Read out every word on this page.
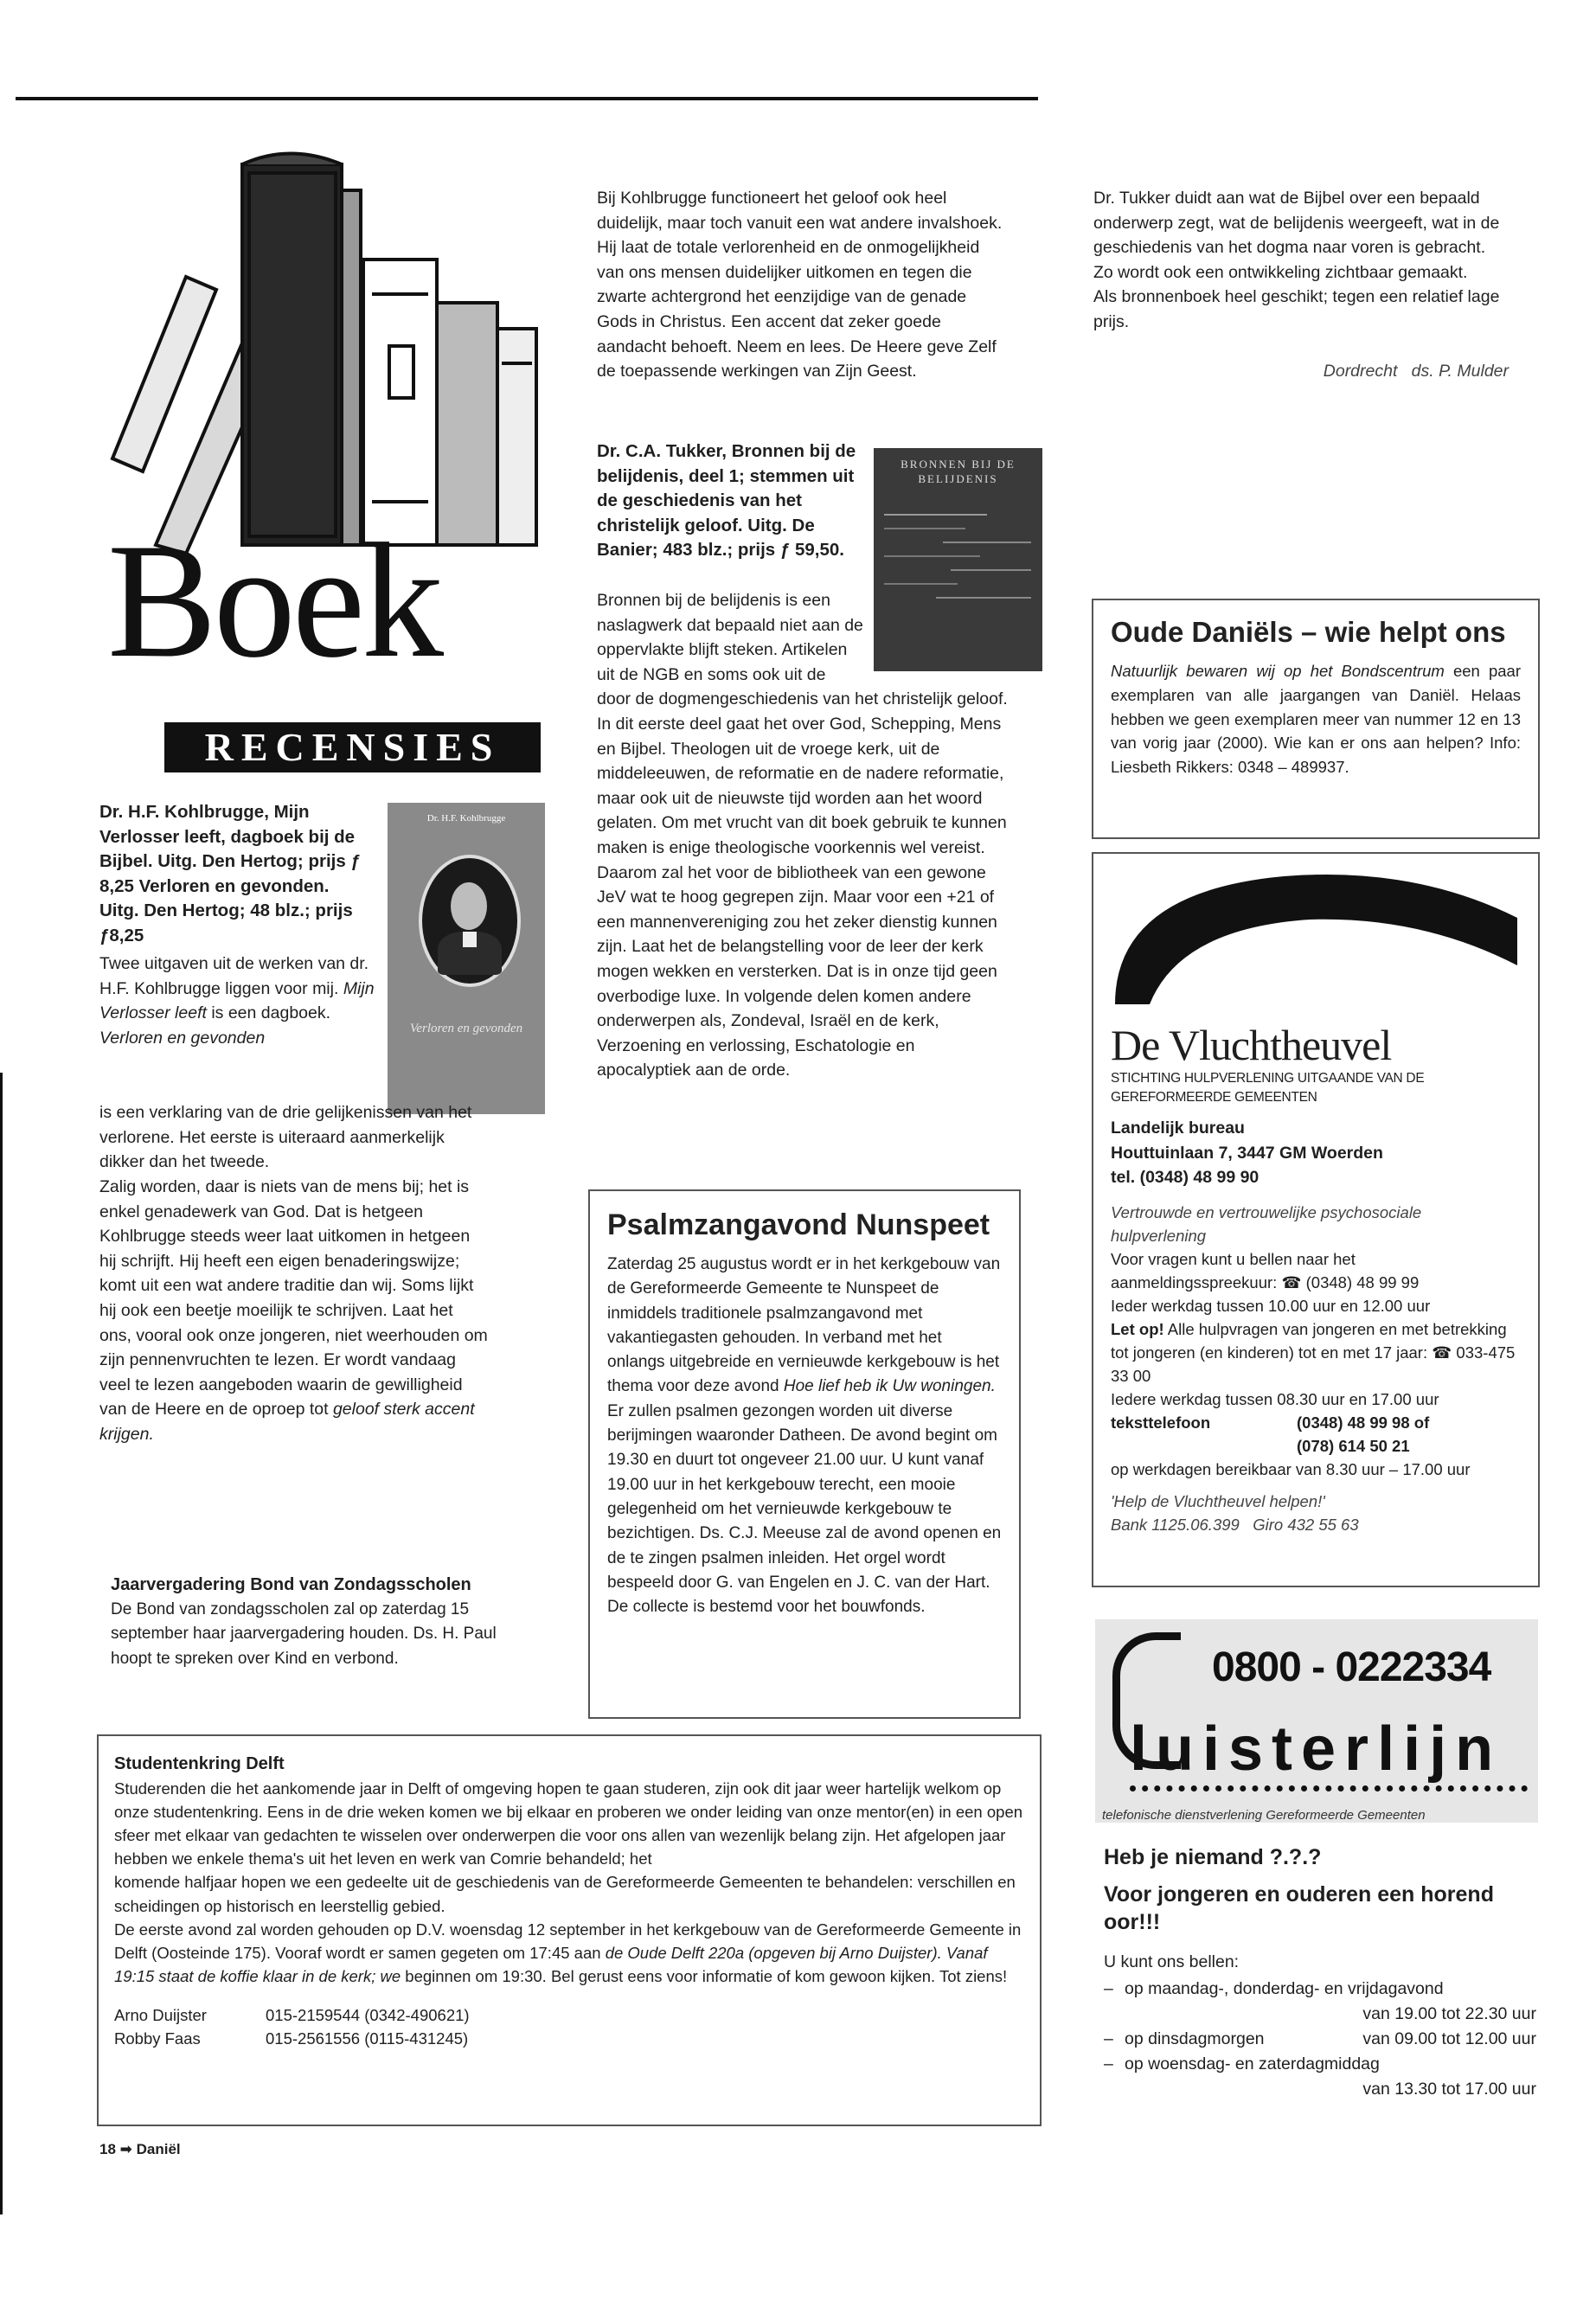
Boek
RECENSIES
Dr. H.F. Kohlbrugge, Mijn Verlosser leeft, dagboek bij de Bijbel. Uitg. Den Hertog; prijs ƒ 8,25 Verloren en gevonden. Uitg. Den Hertog; 48 blz.; prijs ƒ8,25
Dr. H.F. Kohlbrugge
Verloren en gevonden

Twee uitgaven uit de werken van dr. H.F. Kohlbrugge liggen voor mij. Mijn Verlosser leeft is een dagboek. Verloren en gevonden

is een verklaring van de drie gelijkenissen van het verlorene. Het eerste is uiteraard aanmerkelijk dikker dan het tweede.

Zalig worden, daar is niets van de mens bij; het is enkel genadewerk van God. Dat is hetgeen Kohlbrugge steeds weer laat uitkomen in hetgeen hij schrijft. Hij heeft een eigen benaderingswijze; komt uit een wat andere traditie dan wij. Soms lijkt hij ook een beetje moeilijk te schrijven. Laat het ons, vooral ook onze jongeren, niet weerhouden om zijn pennenvruchten te lezen. Er wordt vandaag veel te lezen aangeboden waarin de gewilligheid van de Heere en de oproep tot geloof sterk accent krijgen.

Jaarvergadering Bond van Zondagsscholen

De Bond van zondagsscholen zal op zaterdag 15 september haar jaarvergadering houden. Ds. H. Paul hoopt te spreken over Kind en verbond.

Bij Kohlbrugge functioneert het geloof ook heel duidelijk, maar toch vanuit een wat andere invalshoek. Hij laat de totale verlorenheid en de onmogelijkheid van ons mensen duidelijker uitkomen en tegen die zwarte achtergrond het eenzijdige van de genade Gods in Christus. Een accent dat zeker goede aandacht behoeft. Neem en lees. De Heere geve Zelf de toepassende werkingen van Zijn Geest.
Dr. C.A. Tukker, Bronnen bij de belijdenis, deel 1; stemmen uit de geschiedenis van het christelijk geloof. Uitg. De Banier; 483 blz.; prijs ƒ 59,50.
BRONNEN BIJ DE BELIJDENIS

Bronnen bij de belijdenis is een naslagwerk dat bepaald niet aan de oppervlakte blijft steken. Artikelen uit de NGB en soms ook uit de

door de dogmengeschiedenis van het christelijk geloof. In dit eerste deel gaat het over God, Schepping, Mens en Bijbel. Theologen uit de vroege kerk, uit de middeleeuwen, de reformatie en de nadere reformatie, maar ook uit de nieuwste tijd worden aan het woord gelaten. Om met vrucht van dit boek gebruik te kunnen maken is enige theologische voorkennis wel vereist. Daarom zal het voor de bibliotheek van een gewone JeV wat te hoog gegrepen zijn. Maar voor een +21 of een mannenvereniging zou het zeker dienstig kunnen zijn. Laat het de belangstelling voor de leer der kerk mogen wekken en versterken. Dat is in onze tijd geen overbodige luxe. In volgende delen komen andere onderwerpen als, Zondeval, Israël en de kerk, Verzoening en verlossing, Eschatologie en apocalyptiek aan de orde.

Psalmzangavond Nunspeet

Zaterdag 25 augustus wordt er in het kerkgebouw van de Gereformeerde Gemeente te Nunspeet de inmiddels traditionele psalmzangavond met vakantiegasten gehouden. In verband met het onlangs uitgebreide en vernieuwde kerkgebouw is het thema voor deze avond Hoe lief heb ik Uw woningen. Er zullen psalmen gezongen worden uit diverse berijmingen waaronder Datheen. De avond begint om 19.30 en duurt tot ongeveer 21.00 uur. U kunt vanaf 19.00 uur in het kerkgebouw terecht, een mooie gelegenheid om het vernieuwde kerkgebouw te bezichtigen. Ds. C.J. Meeuse zal de avond openen en de te zingen psalmen inleiden. Het orgel wordt bespeeld door G. van Engelen en J. C. van der Hart. De collecte is bestemd voor het bouwfonds.

Dr. Tukker duidt aan wat de Bijbel over een bepaald onderwerp zegt, wat de belijdenis weergeeft, wat in de geschiedenis van het dogma naar voren is gebracht. Zo wordt ook een ontwikkeling zichtbaar gemaakt.

Als bronnenboek heel geschikt; tegen een relatief lage prijs.

Dordrecht   ds. P. Mulder

Oude Daniëls – wie helpt ons

Natuurlijk bewaren wij op het Bondscentrum een paar exemplaren van alle jaargangen van Daniël. Helaas hebben we geen exemplaren meer van nummer 12 en 13 van vorig jaar (2000). Wie kan er ons aan helpen? Info: Liesbeth Rikkers: 0348 – 489937.

De Vluchtheuvel
STICHTING HULPVERLENING UITGAANDE VAN DE GEREFORMEERDE GEMEENTEN
Landelijk bureau
Houttuinlaan 7, 3447 GM Woerden
tel. (0348) 48 99 90

Vertrouwde en vertrouwelijke psychosociale hulpverlening

Voor vragen kunt u bellen naar het aanmeldingsspreekuur: ☎ (0348) 48 99 99

Ieder werkdag tussen 10.00 uur en 12.00 uur

Let op! Alle hulpvragen van jongeren en met betrekking tot jongeren (en kinderen) tot en met 17 jaar: ☎ 033-475 33 00

Iedere werkdag tussen 08.30 uur en 17.00 uur

teksttelefoon	(0348) 48 99 98 of
(078) 614 50 21

op werkdagen bereikbaar van 8.30 uur – 17.00 uur

'Help de Vluchtheuvel helpen!'

Bank 1125.06.399   Giro 432 55 63

0800 - 0222334
luisterlijn
telefonische dienstverlening Gereformeerde Gemeenten

Heb je niemand ?.?.?

Voor jongeren en ouderen een horend oor!!!

U kunt ons bellen:

– op maandag-, donderdag- en vrijdagavond
van 19.00 tot 22.30 uur
– op dinsdagmorgen	van 09.00 tot 12.00 uur
– op woensdag- en zaterdagmiddag
van 13.30 tot 17.00 uur

Studentenkring Delft

Studerenden die het aankomende jaar in Delft of omgeving hopen te gaan studeren, zijn ook dit jaar weer hartelijk welkom op onze studentenkring. Eens in de drie weken komen we bij elkaar en proberen we onder leiding van onze mentor(en) in een open sfeer met elkaar van gedachten te wisselen over onderwerpen die voor ons allen van wezenlijk belang zijn. Het afgelopen jaar hebben we enkele thema's uit het leven en werk van Comrie behandeld; het

komende halfjaar hopen we een gedeelte uit de geschiedenis van de Gereformeerde Gemeenten te behandelen: verschillen en scheidingen op historisch en leerstellig gebied.

De eerste avond zal worden gehouden op D.V. woensdag 12 september in het kerkgebouw van de Gereformeerde Gemeente in Delft (Oosteinde 175). Vooraf wordt er samen gegeten om 17:45 aan de Oude Delft 220a (opgeven bij Arno Duijster). Vanaf 19:15 staat de koffie klaar in de kerk; we beginnen om 19:30. Bel gerust eens voor informatie of kom gewoon kijken. Tot ziens!

Arno Duijster	015-2159544 (0342-490621)
Robby Faas	015-2561556 (0115-431245)
18 ➡ Daniël
